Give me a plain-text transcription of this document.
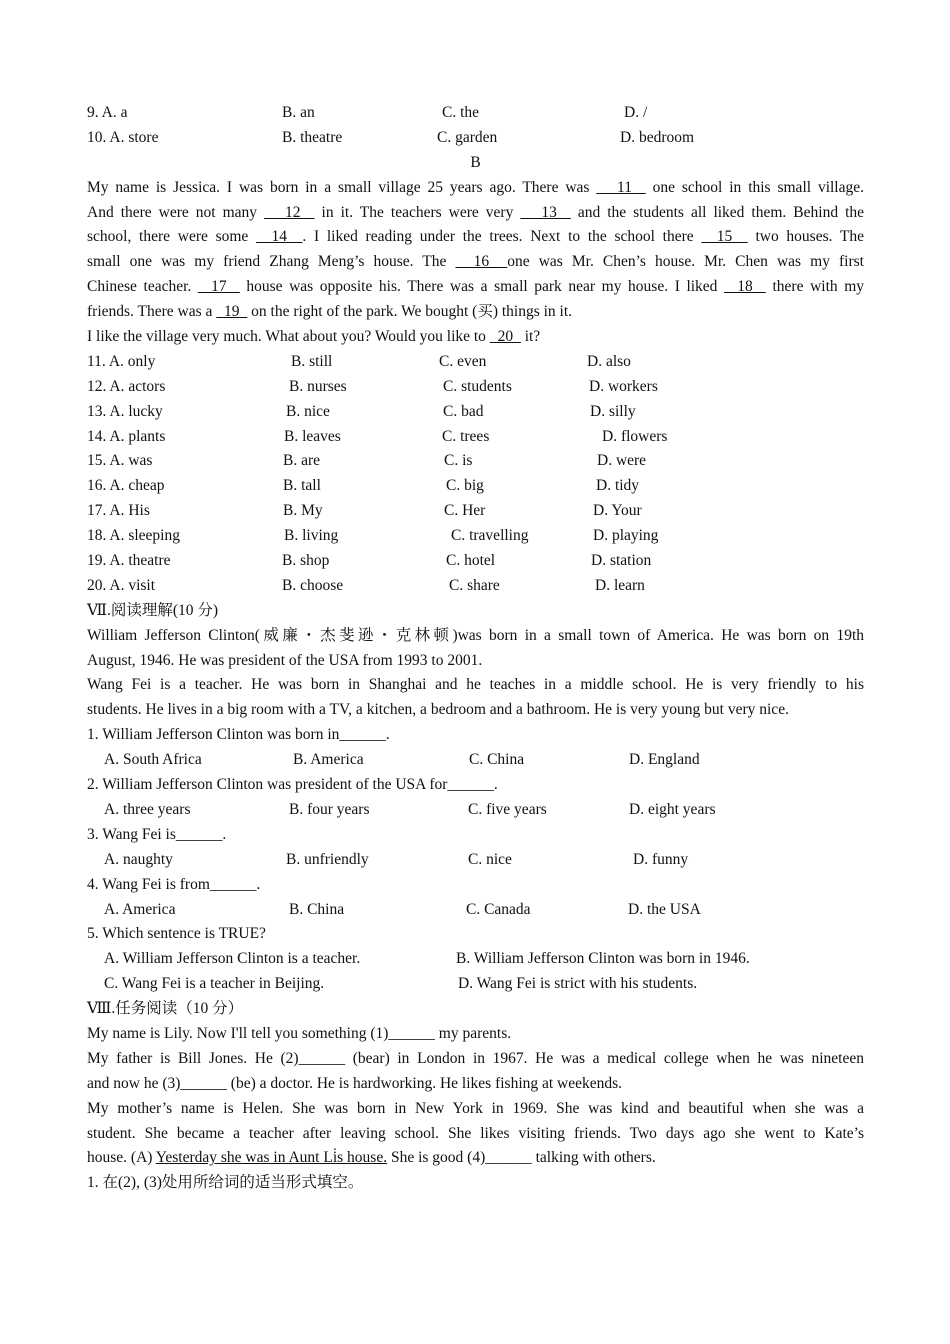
9. A. a	B. an	C. the	D. /
10. A. store	B. theatre	C. garden	D. bedroom
B
My name is Jessica. I was born in a small village 25 years ago. There was    11   one school in this small village.
And there were not many    12   in it. The teachers were very    13   and the students all liked them. Behind the
school, there were some   14  . I liked reading under the trees. Next to the school there   15   two houses. The
small one was my friend Zhang Meng’s house. The   16  one was Mr. Chen’s house. Mr. Chen was my first
Chinese teacher.   17   house was opposite his. There was a small park near my house. I liked   18   there with my
friends. There was a   19   on the right of the park. We bought (买) things in it.
I like the village very much. What about you? Would you like to   20   it?
11. A. only	B. still	C. even	D. also
12. A. actors	B. nurses	C. students	D. workers
13. A. lucky	B. nice	C. bad	D. silly
14. A. plants	B. leaves	C. trees	D. flowers
15. A. was	B. are	C. is	D. were
16. A. cheap	B. tall	C. big	D. tidy
17. A. His	B. My	C. Her	D. Your
18. A. sleeping	B. living	C. travelling	D. playing
19. A. theatre	B. shop	C. hotel	D. station
20. A. visit	B. choose	C. share	D. learn
Ⅶ.阅读理解(10 分)
William Jefferson Clinton(威廉・杰斐逊・克林顿)was born in a small town of America. He was born on 19th
August, 1946. He was president of the USA from 1993 to 2001.
Wang Fei is a teacher. He was born in Shanghai and he teaches in a middle school. He is very friendly to his
students. He lives in a big room with a TV, a kitchen, a bedroom and a bathroom. He is very young but very nice.
1. William Jefferson Clinton was born in______.
A. South Africa	B. America	C. China	D. England
2. William Jefferson Clinton was president of the USA for______.
A. three years	B. four years	C. five years	D. eight years
3. Wang Fei is______.
A. naughty	B. unfriendly	C. nice	D. funny
4. Wang Fei is from______.
A. America	B. China	C. Canada	D. the USA
5. Which sentence is TRUE?
A. William Jefferson Clinton is a teacher.	B. William Jefferson Clinton was born in 1946.
C. Wang Fei is a teacher in Beijing.	D. Wang Fei is strict with his students.
Ⅷ.任务阅读（10 分）
My name is Lily. Now I'll tell you something (1)______ my parents.
My father is Bill Jones. He (2)______ (bear) in London in 1967. He was a medical college when he was nineteen
and now he (3)______ (be) a doctor. He is hardworking. He likes fishing at weekends.
My mother’s name is Helen. She was born in New York in 1969. She was kind and beautiful when she was a
student. She became a teacher after leaving school. She likes visiting friends. Two days ago she went to Kate’s
house. (A) Yesterday she was in Aunt Li̇s house. She is good (4)______ talking with others.
1. 在(2), (3)处用所给词的适当形式填空。
